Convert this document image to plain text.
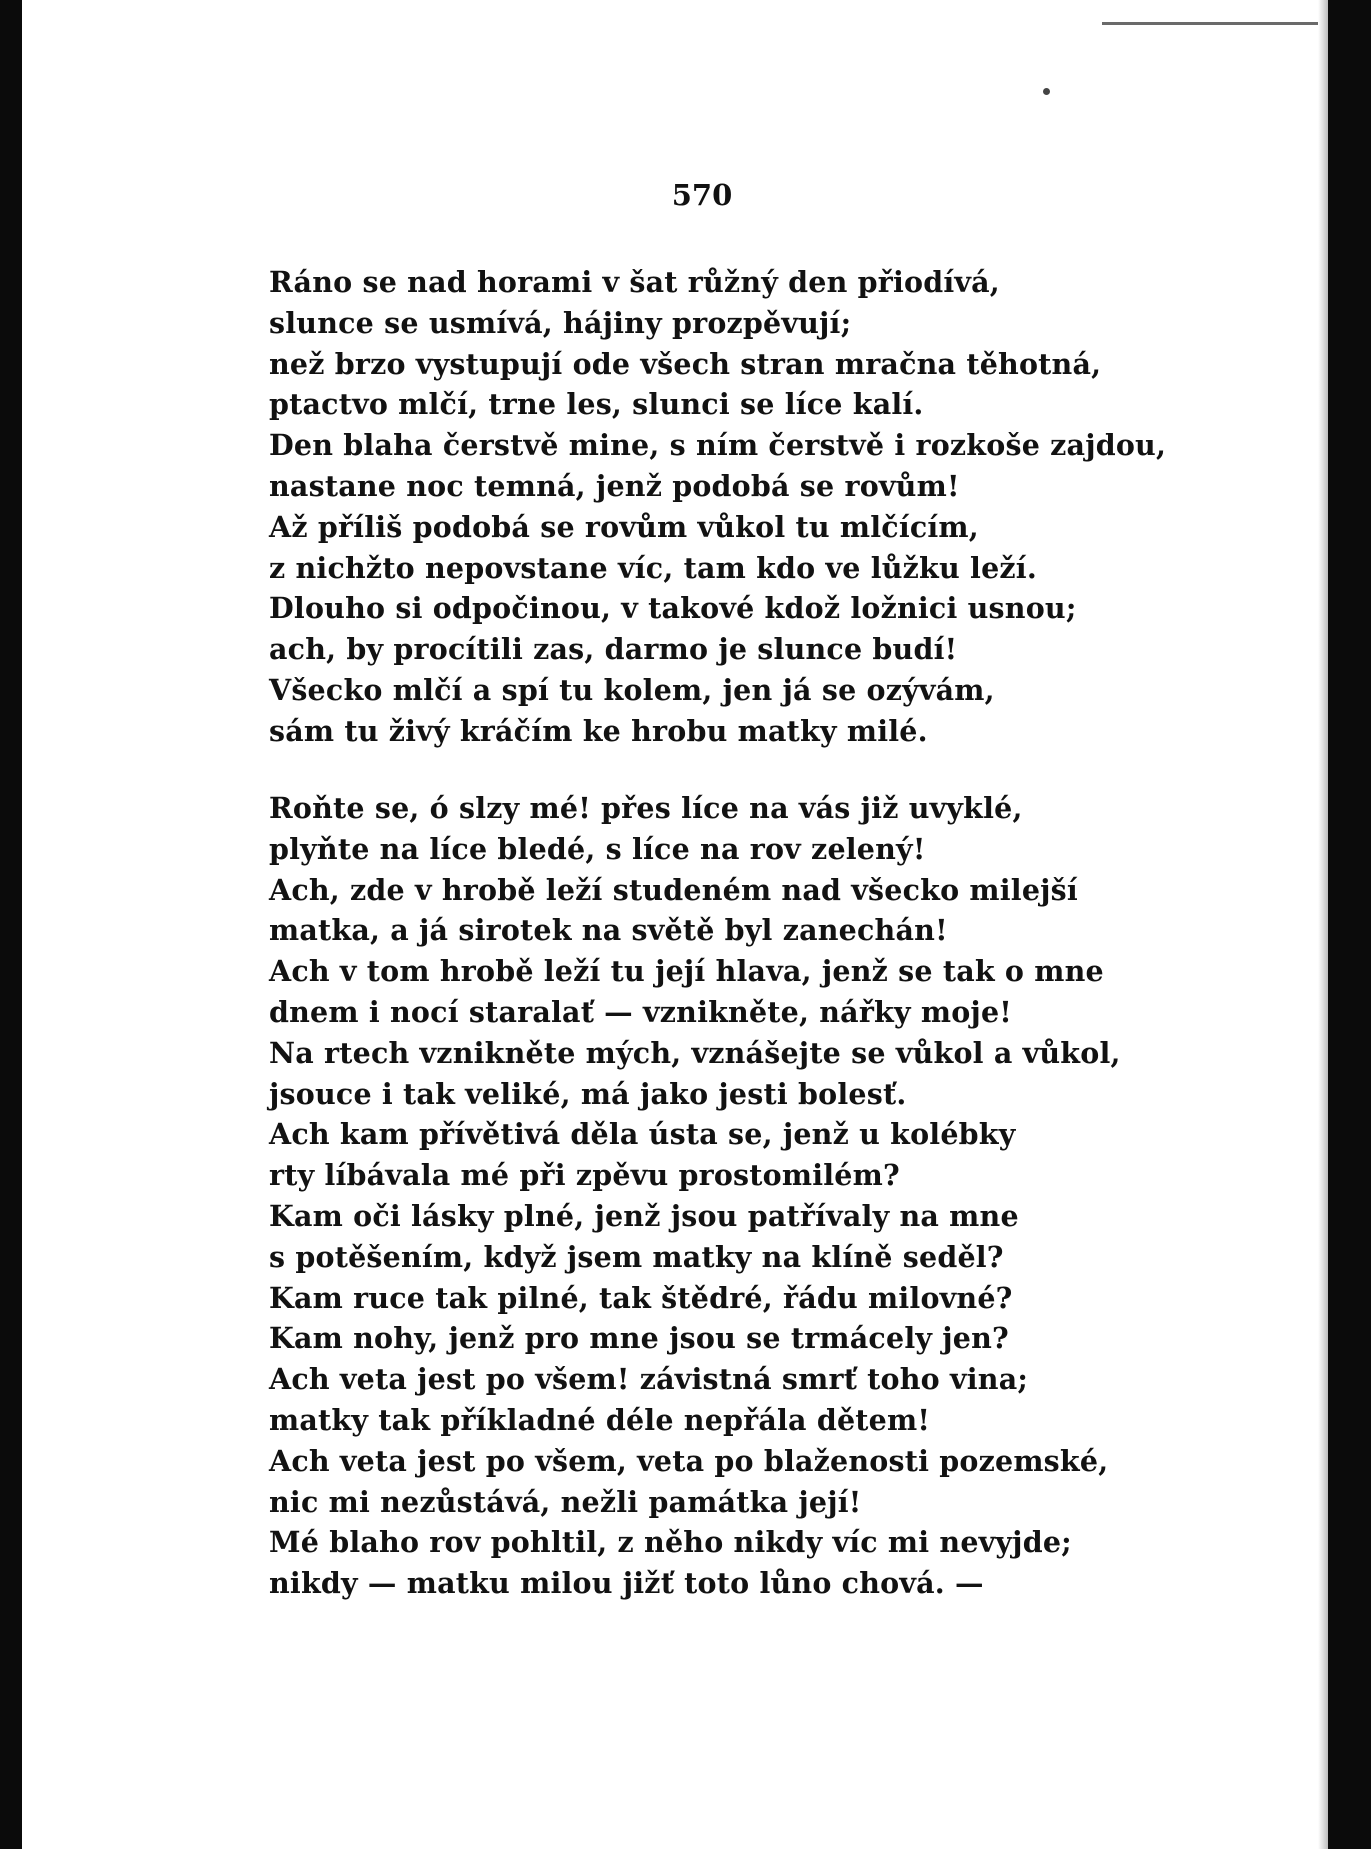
570
Ráno se nad horami v šat růžný den přiodívá,
slunce se usmívá, hájiny prozpěvují;
než brzo vystupují ode všech stran mračna těhotná,
ptactvo mlčí, trne les, slunci se líce kalí.
Den blaha čerstvě mine, s ním čerstvě i rozkoše zajdou,
nastane noc temná, jenž podobá se rovům!
Až příliš podobá se rovům vůkol tu mlčícím,
z nichžto nepovstane víc, tam kdo ve lůžku leží.
Dlouho si odpočinou, v takové kdož ložnici usnou;
ach, by procítili zas, darmo je slunce budí!
Všecko mlčí a spí tu kolem, jen já se ozývám,
sám tu živý kráčím ke hrobu matky milé.
Roňte se, ó slzy mé! přes líce na vás již uvyklé,
plyňte na líce bledé, s líce na rov zelený!
Ach, zde v hrobě leží studeném nad všecko milejší
matka, a já sirotek na světě byl zanechán!
Ach v tom hrobě leží tu její hlava, jenž se tak o mne
dnem i nocí staralať — vznikněte, nářky moje!
Na rtech vznikněte mých, vznášejte se vůkol a vůkol,
jsouce i tak veliké, má jako jesti bolesť.
Ach kam přívětivá děla ústa se, jenž u kolébky
rty líbávala mé při zpěvu prostomilém?
Kam oči lásky plné, jenž jsou patřívaly na mne
s potěšením, když jsem matky na klíně seděl?
Kam ruce tak pilné, tak štědré, řádu milovné?
Kam nohy, jenž pro mne jsou se trmácely jen?
Ach veta jest po všem! závistná smrť toho vina;
matky tak příkladné déle nepřála dětem!
Ach veta jest po všem, veta po blaženosti pozemské,
nic mi nezůstává, nežli památka její!
Mé blaho rov pohltil, z něho nikdy víc mi nevyjde;
nikdy — matku milou jižť toto lůno chová. —
